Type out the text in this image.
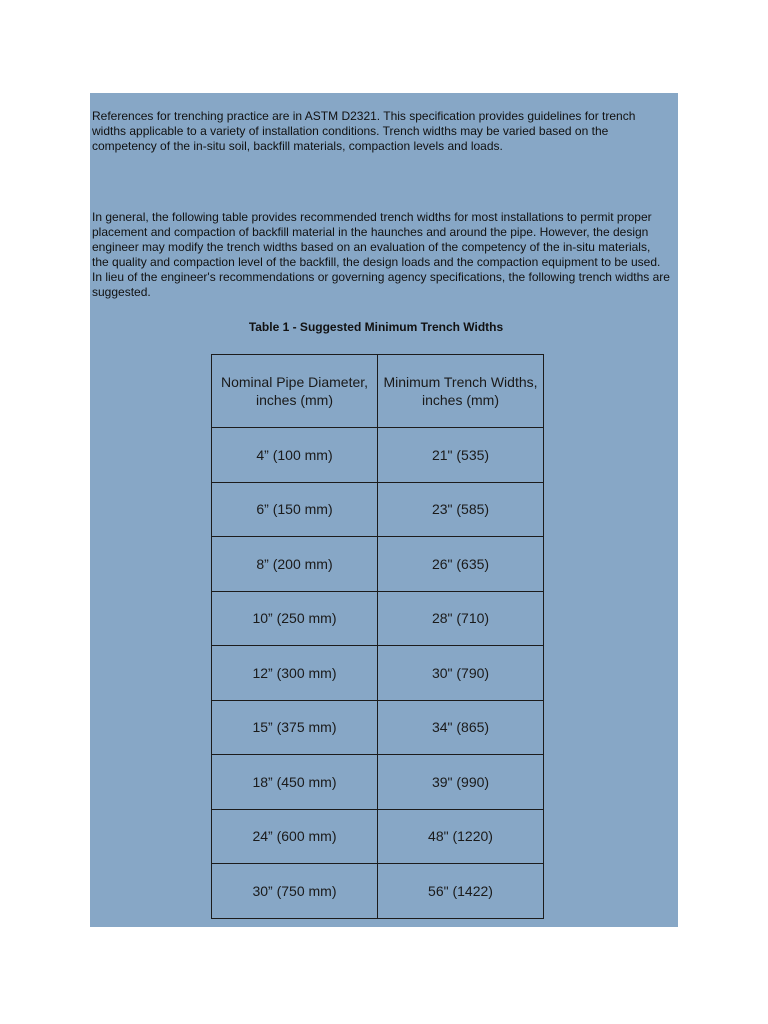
References for trenching practice are in ASTM D2321. This specification provides guidelines for trench widths applicable to a variety of installation conditions. Trench widths may be varied based on the competency of the in-situ soil, backfill materials, compaction levels and loads.

In general, the following table provides recommended trench widths for most installations to permit proper placement and compaction of backfill material in the haunches and around the pipe. However, the design engineer may modify the trench widths based on an evaluation of the competency of the in-situ materials, the quality and compaction level of the backfill, the design loads and the compaction equipment to be used. In lieu of the engineer's recommendations or governing agency specifications, the following trench widths are suggested.

Table 1 - Suggested Minimum Trench Widths

Nominal Pipe Diameter, inches (mm)	Minimum Trench Widths, inches (mm)
4” (100 mm)	21" (535)
6” (150 mm)	23" (585)
8” (200 mm)	26" (635)
10” (250 mm)	28" (710)
12” (300 mm)	30" (790)
15” (375 mm)	34" (865)
18” (450 mm)	39" (990)
24” (600 mm)	48" (1220)
30” (750 mm)	56" (1422)
